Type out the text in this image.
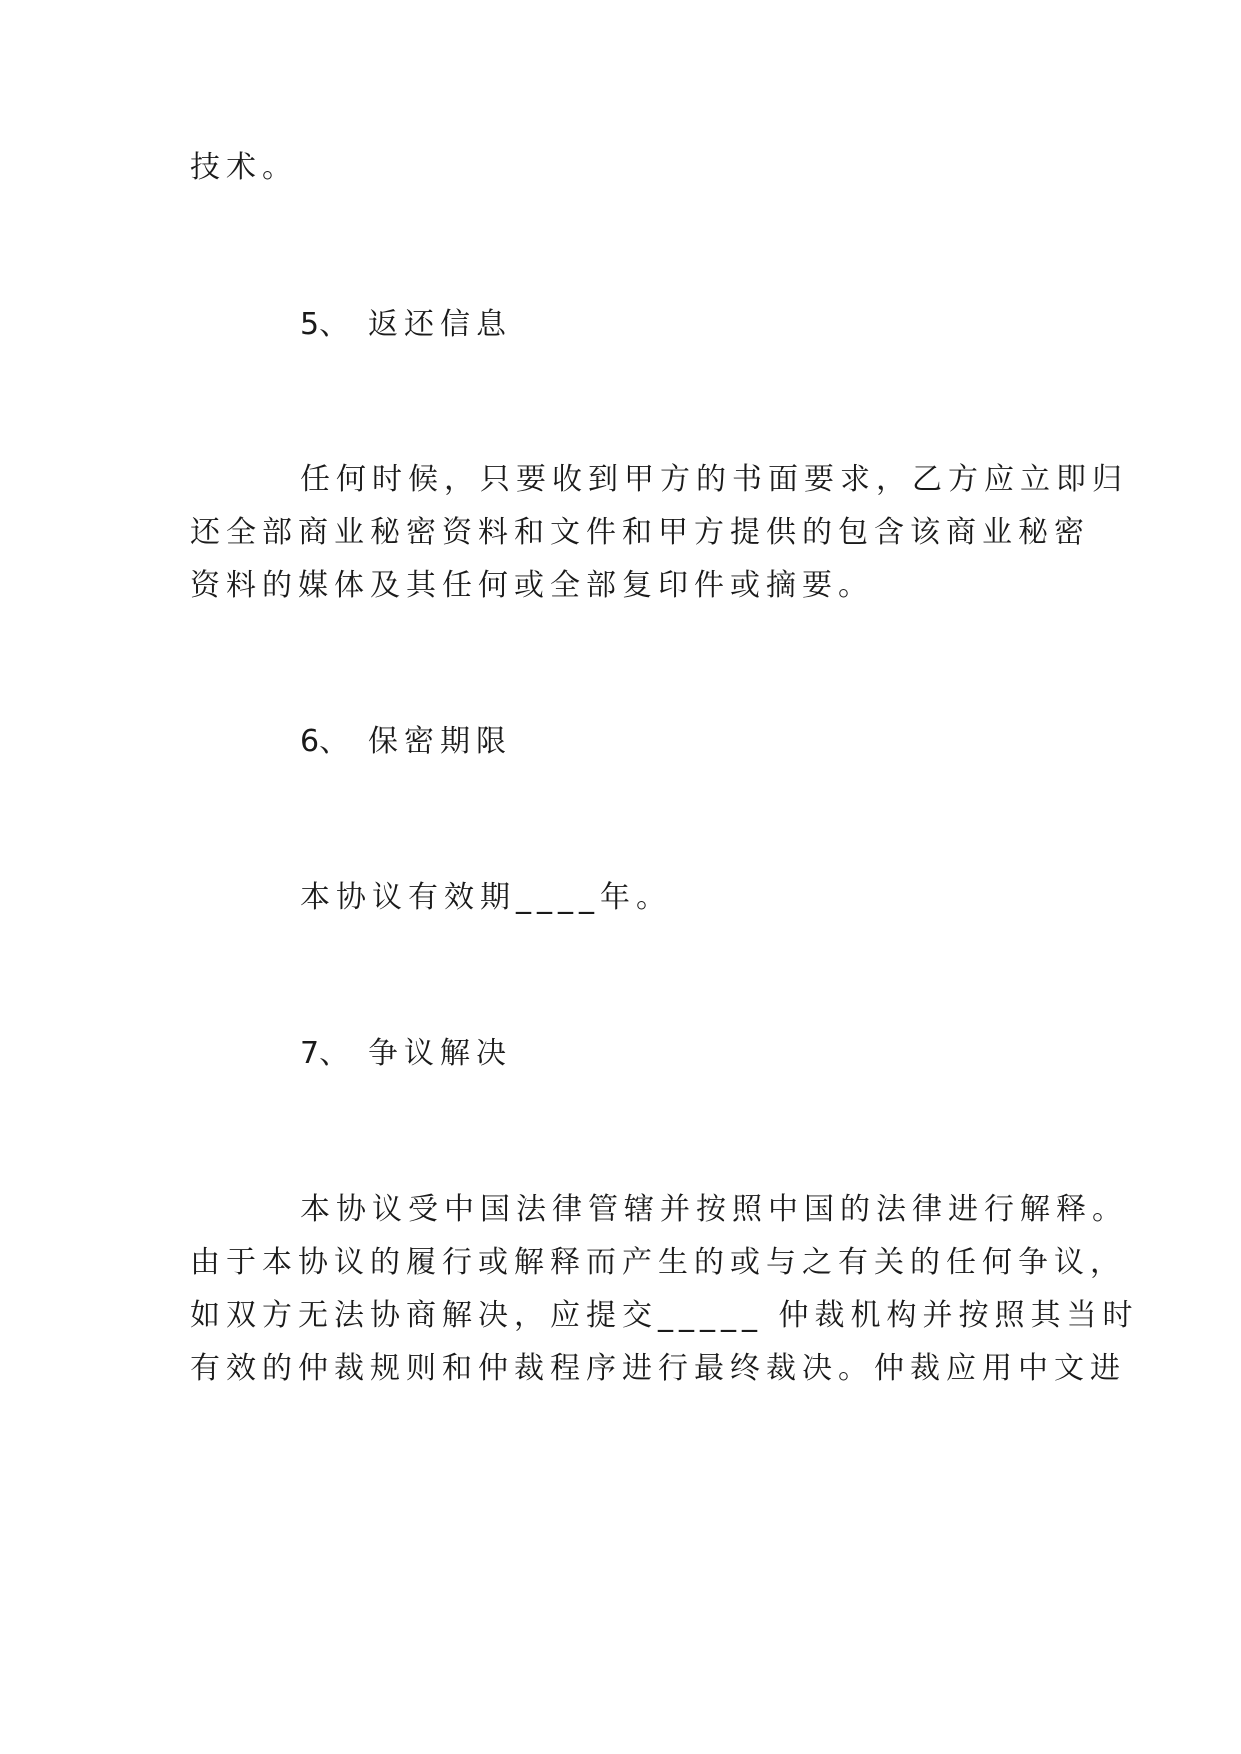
技术。

5、 返还信息

任何时候，只要收到甲方的书面要求，乙方应立即归

还全部商业秘密资料和文件和甲方提供的包含该商业秘密

资料的媒体及其任何或全部复印件或摘要。

6、 保密期限

本协议有效期____年。

7、 争议解决

本协议受中国法律管辖并按照中国的法律进行解释。

由于本协议的履行或解释而产生的或与之有关的任何争议，

如双方无法协商解决，应提交_____ 仲裁机构并按照其当时

有效的仲裁规则和仲裁程序进行最终裁决。仲裁应用中文进
